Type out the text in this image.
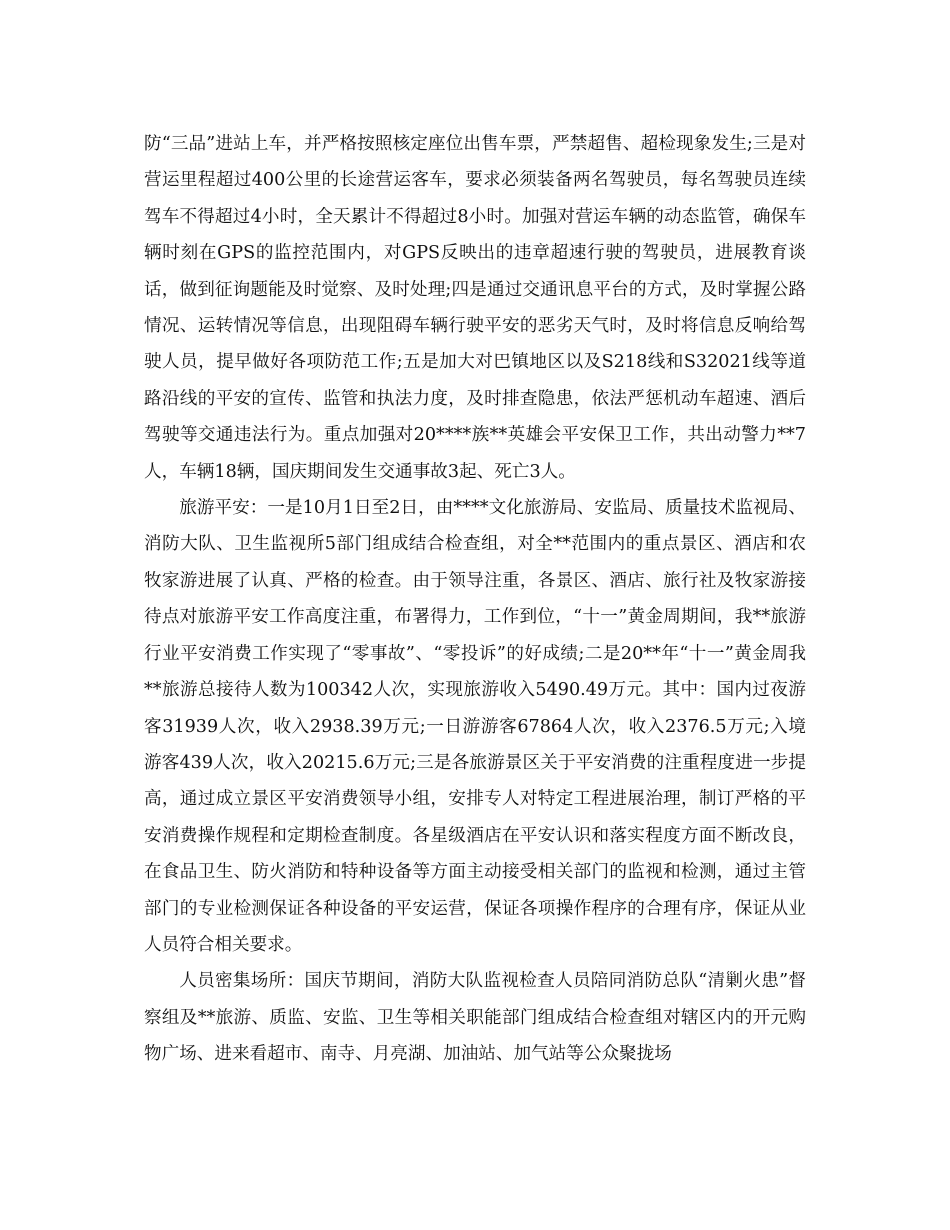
防“三品”进站上车，并严格按照核定座位出售车票，严禁超售、超检现象发生;三是对营运里程超过400公里的长途营运客车，要求必须装备两名驾驶员，每名驾驶员连续驾车不得超过4小时，全天累计不得超过8小时。加强对营运车辆的动态监管，确保车辆时刻在GPS的监控范围内，对GPS反映出的违章超速行驶的驾驶员，进展教育谈话，做到征询题能及时觉察、及时处理;四是通过交通讯息平台的方式，及时掌握公路情况、运转情况等信息，出现阻碍车辆行驶平安的恶劣天气时，及时将信息反响给驾驶人员，提早做好各项防范工作;五是加大对巴镇地区以及S218线和S32021线等道路沿线的平安的宣传、监管和执法力度，及时排查隐患，依法严惩机动车超速、酒后驾驶等交通违法行为。重点加强对20****族**英雄会平安保卫工作，共出动警力**7人，车辆18辆，国庆期间发生交通事故3起、死亡3人。

旅游平安：一是10月1日至2日，由****文化旅游局、安监局、质量技术监视局、消防大队、卫生监视所5部门组成结合检查组，对全**范围内的重点景区、酒店和农牧家游进展了认真、严格的检查。由于领导注重，各景区、酒店、旅行社及牧家游接待点对旅游平安工作高度注重，布署得力，工作到位，“十一”黄金周期间，我**旅游行业平安消费工作实现了“零事故”、“零投诉”的好成绩;二是20**年“十一”黄金周我**旅游总接待人数为100342人次，实现旅游收入5490.49万元。其中：国内过夜游客31939人次，收入2938.39万元;一日游游客67864人次，收入2376.5万元;入境游客439人次，收入20215.6万元;三是各旅游景区关于平安消费的注重程度进一步提高，通过成立景区平安消费领导小组，安排专人对特定工程进展治理，制订严格的平安消费操作规程和定期检查制度。各星级酒店在平安认识和落实程度方面不断改良，在食品卫生、防火消防和特种设备等方面主动接受相关部门的监视和检测，通过主管部门的专业检测保证各种设备的平安运营，保证各项操作程序的合理有序，保证从业人员符合相关要求。

人员密集场所：国庆节期间，消防大队监视检查人员陪同消防总队“清剿火患”督察组及**旅游、质监、安监、卫生等相关职能部门组成结合检查组对辖区内的开元购物广场、进来看超市、南寺、月亮湖、加油站、加气站等公众聚拢场
